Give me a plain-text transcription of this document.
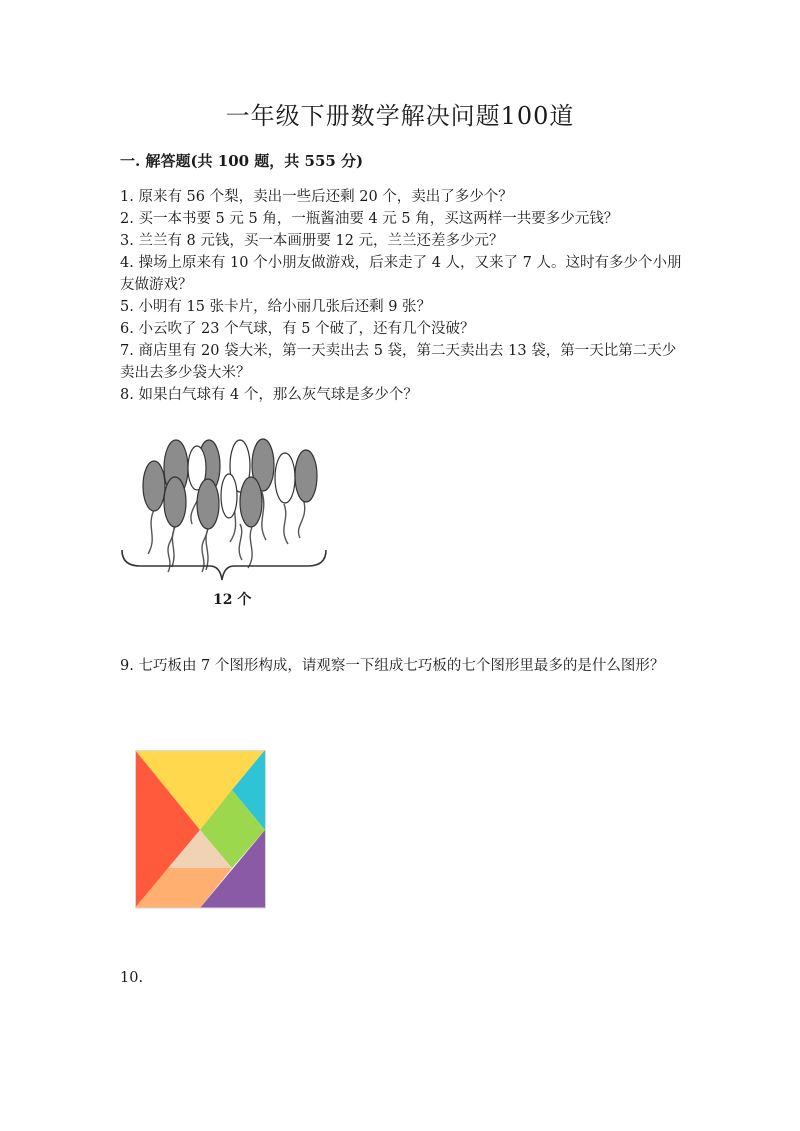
一年级下册数学解决问题100道
一. 解答题(共 100 题，共 555 分)

1. 原来有 56 个梨，卖出一些后还剩 20 个，卖出了多少个？

2. 买一本书要 5 元 5 角，一瓶酱油要 4 元 5 角，买这两样一共要多少元钱？

3. 兰兰有 8 元钱，买一本画册要 12 元，兰兰还差多少元？

4. 操场上原来有 10 个小朋友做游戏，后来走了 4 人，又来了 7 人。这时有多少个小朋友做游戏？

5. 小明有 15 张卡片，给小丽几张后还剩 9 张？

6. 小云吹了 23 个气球，有 5 个破了，还有几个没破？

7. 商店里有 20 袋大米，第一天卖出去 5 袋，第二天卖出去 13 袋，第一天比第二天少卖出去多少袋大米？

8. 如果白气球有 4 个，那么灰气球是多少个？

12 个
9. 七巧板由 7 个图形构成，请观察一下组成七巧板的七个图形里最多的是什么图形？
10.
